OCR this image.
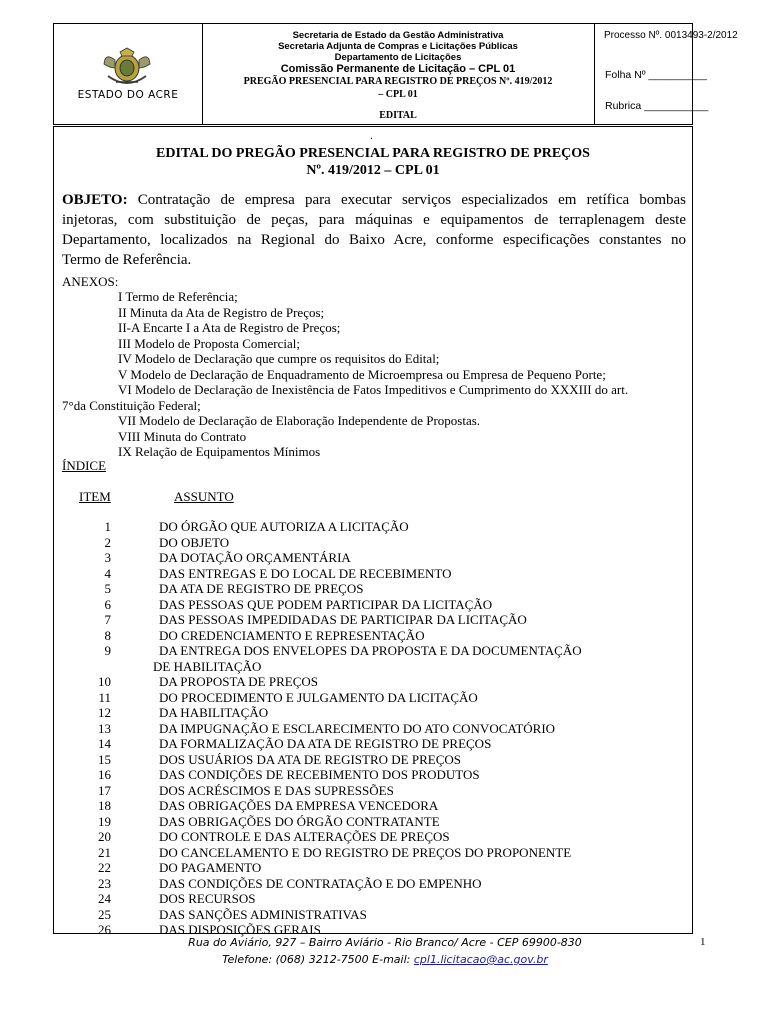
ESTADO DO ACRE
Secretaria de Estado da Gestão Administrativa
Secretaria Adjunta de Compras e Licitações Públicas
Departamento de Licitações
Comissão Permanente de Licitação – CPL 01
PREGÃO PRESENCIAL PARA REGISTRO DE PREÇOS Nº. 419/2012
– CPL 01
EDITAL
Processo Nº. 0013493-2/2012
Folha Nº __________
Rubrica ___________
.
EDITAL DO PREGÃO PRESENCIAL PARA REGISTRO DE PREÇOS
Nº. 419/2012 – CPL 01
OBJETO: Contratação de empresa para executar serviços especializados em retífica bombas
injetoras, com substituição de peças, para máquinas e equipamentos de terraplenagem deste
Departamento, localizados na Regional do Baixo Acre, conforme especificações constantes no
Termo de Referência.
ANEXOS:
I Termo de Referência;
II Minuta da Ata de Registro de Preços;
II-A Encarte I a Ata de Registro de Preços;
III Modelo de Proposta Comercial;
IV Modelo de Declaração que cumpre os requisitos do Edital;
V Modelo de Declaração de Enquadramento de Microempresa ou Empresa de Pequeno Porte;
VI Modelo de Declaração de Inexistência de Fatos Impeditivos e Cumprimento do XXXIII do art.
7°da Constituição Federal;
VII Modelo de Declaração de Elaboração Independente de Propostas.
VIII Minuta do Contrato
IX Relação de Equipamentos Mínimos
ÍNDICE
ITEM	ASSUNTO
1	DO ÓRGÃO QUE AUTORIZA A LICITAÇÃO
2	DO OBJETO
3	DA DOTAÇÃO ORÇAMENTÁRIA
4	DAS ENTREGAS E DO LOCAL DE RECEBIMENTO
5	DA ATA DE REGISTRO DE PREÇOS
6	DAS PESSOAS QUE PODEM PARTICIPAR DA LICITAÇÃO
7	DAS PESSOAS IMPEDIDADAS DE PARTICIPAR DA LICITAÇÃO
8	DO CREDENCIAMENTO E REPRESENTAÇÃO
9	DA ENTREGA DOS ENVELOPES DA PROPOSTA E DA DOCUMENTAÇÃO
DE HABILITAÇÃO
10	DA PROPOSTA DE PREÇOS
11	DO PROCEDIMENTO E JULGAMENTO DA LICITAÇÃO
12	DA HABILITAÇÃO
13	DA IMPUGNAÇÃO E ESCLARECIMENTO DO ATO CONVOCATÓRIO
14	DA FORMALIZAÇÃO DA ATA DE REGISTRO DE PREÇOS
15	DOS USUÁRIOS DA ATA DE REGISTRO DE PREÇOS
16	DAS CONDIÇÕES DE RECEBIMENTO DOS PRODUTOS
17	DOS ACRÉSCIMOS E DAS SUPRESSÕES
18	DAS OBRIGAÇÕES DA EMPRESA VENCEDORA
19	DAS OBRIGAÇÕES DO ÓRGÃO CONTRATANTE
20	DO CONTROLE E DAS ALTERAÇÕES DE PREÇOS
21	DO CANCELAMENTO E DO REGISTRO DE PREÇOS DO PROPONENTE
22	DO PAGAMENTO
23	DAS CONDIÇÕES DE CONTRATAÇÃO E DO EMPENHO
24	DOS RECURSOS
25	DAS SANÇÕES ADMINISTRATIVAS
26	DAS DISPOSIÇÕES GERAIS
Rua do Aviário, 927 – Bairro Aviário - Rio Branco/ Acre - CEP 69900-830
Telefone: (068) 3212-7500 E-mail: cpl1.licitacao@ac.gov.br
1
